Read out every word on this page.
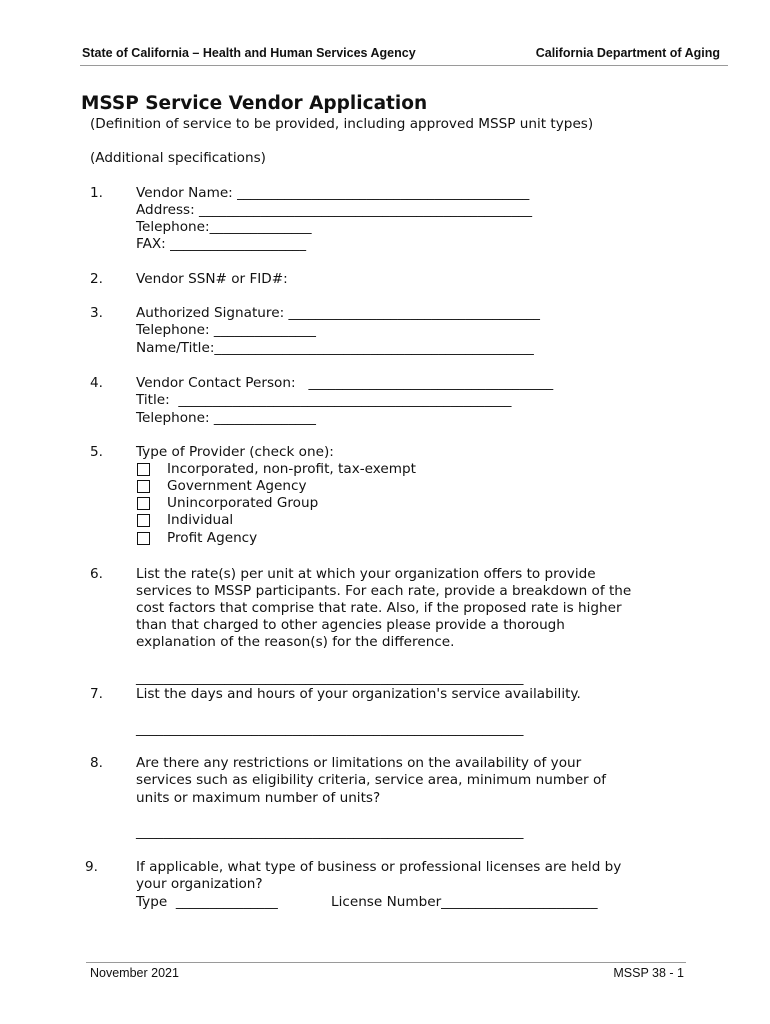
State of California – Health and Human Services Agency	California Department of Aging
MSSP Service Vendor Application
(Definition of service to be provided, including approved MSSP unit types)
(Additional specifications)
1. Vendor Name: ___________________________________________
Address: _________________________________________________
Telephone:_______________
FAX: ____________________
2. Vendor SSN# or FID#:
3. Authorized Signature: _____________________________________
Telephone: _______________
Name/Title:_______________________________________________
4. Vendor Contact Person:   ____________________________________
Title:  _________________________________________________
Telephone: _______________
5. Type of Provider (check one):
Incorporated, non-profit, tax-exempt
Government Agency
Unincorporated Group
Individual
Profit Agency
6. List the rate(s) per unit at which your organization offers to provide
services to MSSP participants. For each rate, provide a breakdown of the
cost factors that comprise that rate. Also, if the proposed rate is higher
than that charged to other agencies please provide a thorough
explanation of the reason(s) for the difference.
_________________________________________________________
7. List the days and hours of your organization's service availability.
_________________________________________________________
8. Are there any restrictions or limitations on the availability of your
services such as eligibility criteria, service area, minimum number of
units or maximum number of units?
_________________________________________________________
9.	If applicable, what type of business or professional licenses are held by
your organization?
Type  _______________	License Number_______________________
November 2021	MSSP 38 - 1
